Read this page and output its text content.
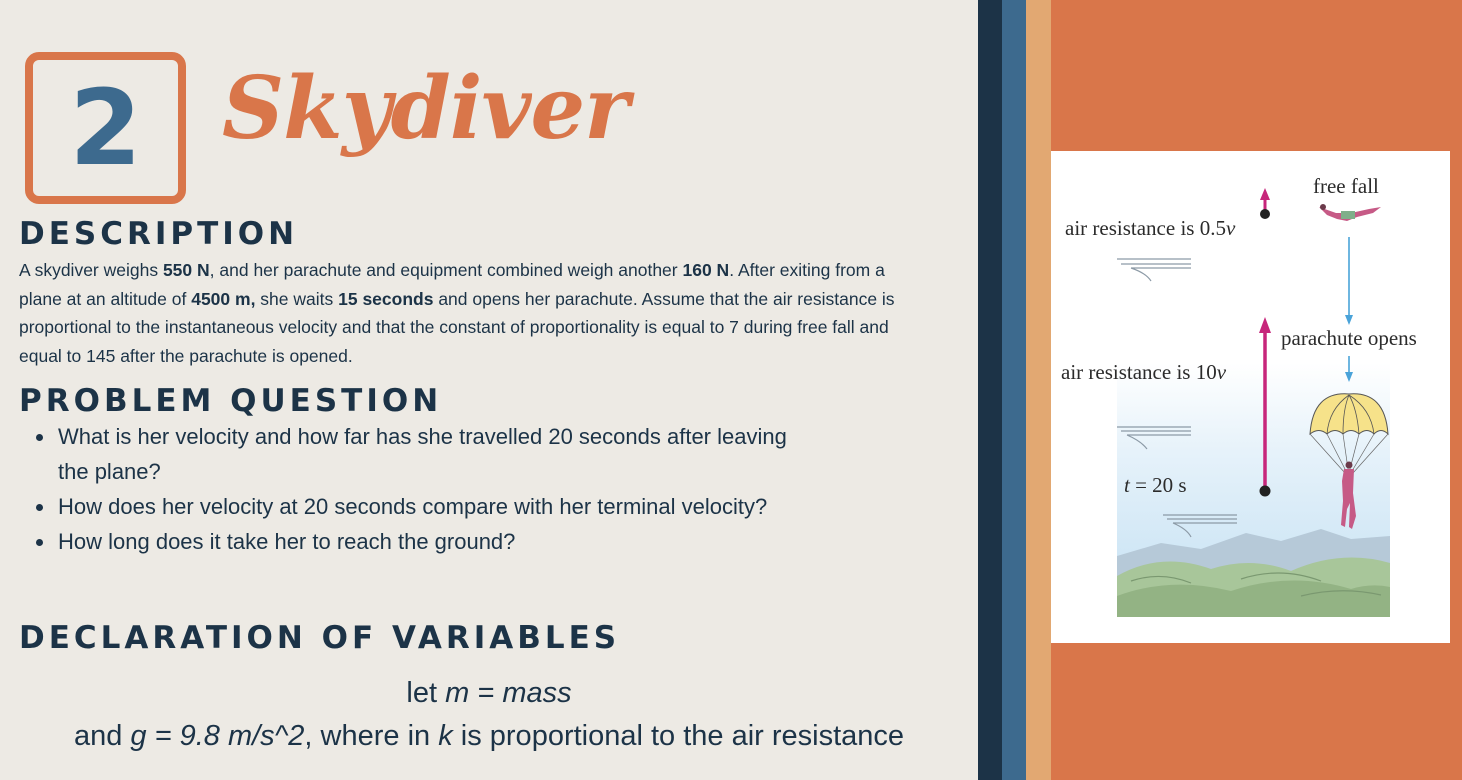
2 Skydiver
DESCRIPTION
A skydiver weighs 550 N, and her parachute and equipment combined weigh another 160 N. After exiting from a plane at an altitude of 4500 m, she waits 15 seconds and opens her parachute. Assume that the air resistance is proportional to the instantaneous velocity and that the constant of proportionality is equal to 7 during free fall and equal to 145 after the parachute is opened.
PROBLEM QUESTION
What is her velocity and how far has she travelled 20 seconds after leaving the plane?
How does her velocity at 20 seconds compare with her terminal velocity?
How long does it take her to reach the ground?
DECLARATION OF VARIABLES
let m = mass
and g = 9.8 m/s^2, where in k is proportional to the air resistance
free fall
air resistance is 0.5v
parachute opens
air resistance is 10v
t = 20 s
